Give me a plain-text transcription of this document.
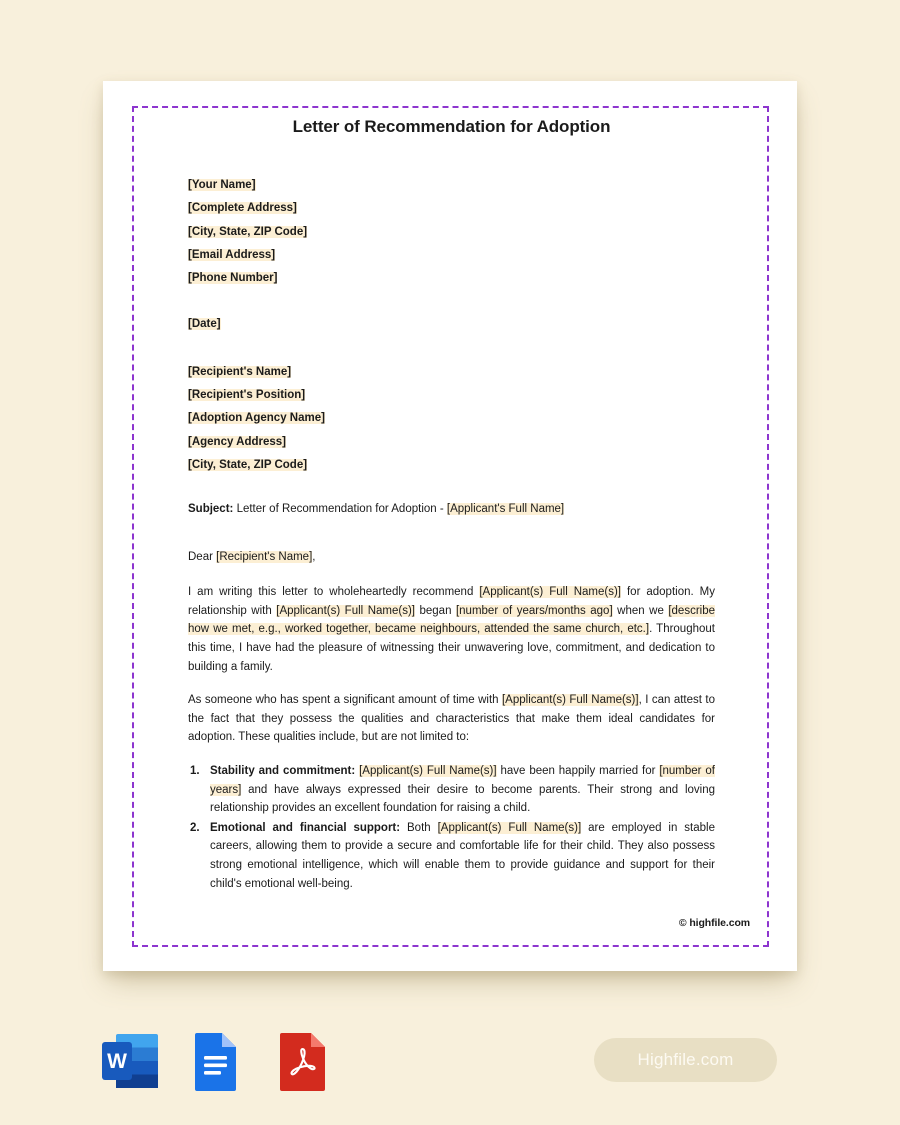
Letter of Recommendation for Adoption
[Your Name]
[Complete Address]
[City, State, ZIP Code]
[Email Address]
[Phone Number]
[Date]
[Recipient's Name]
[Recipient's Position]
[Adoption Agency Name]
[Agency Address]
[City, State, ZIP Code]
Subject: Letter of Recommendation for Adoption - [Applicant's Full Name]
Dear [Recipient's Name],

I am writing this letter to wholeheartedly recommend [Applicant(s) Full Name(s)] for adoption. My relationship with [Applicant(s) Full Name(s)] began [number of years/months ago] when we [describe how we met, e.g., worked together, became neighbours, attended the same church, etc.]. Throughout this time, I have had the pleasure of witnessing their unwavering love, commitment, and dedication to building a family.

As someone who has spent a significant amount of time with [Applicant(s) Full Name(s)], I can attest to the fact that they possess the qualities and characteristics that make them ideal candidates for adoption. These qualities include, but are not limited to:

Stability and commitment: [Applicant(s) Full Name(s)] have been happily married for [number of years] and have always expressed their desire to become parents. Their strong and loving relationship provides an excellent foundation for raising a child.
Emotional and financial support: Both [Applicant(s) Full Name(s)] are employed in stable careers, allowing them to provide a secure and comfortable life for their child. They also possess strong emotional intelligence, which will enable them to provide guidance and support for their child's emotional well-being.
© highfile.com
W	Highfile.com
